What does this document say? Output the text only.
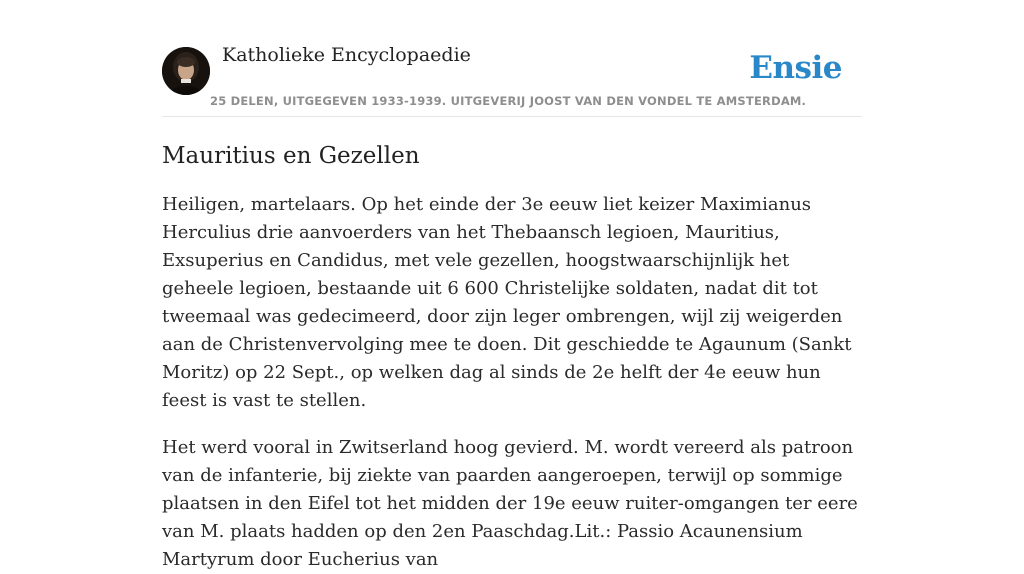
Katholieke Encyclopaedie	Ensie
25 DELEN, UITGEGEVEN 1933-1939. UITGEVERIJ JOOST VAN DEN VONDEL TE AMSTERDAM.
Mauritius en Gezellen

Heiligen, martelaars. Op het einde der 3e eeuw liet keizer Maximianus Herculius drie aanvoerders van het Thebaansch legioen, Mauritius, Exsuperius en Candidus, met vele gezellen, hoogstwaarschijnlijk het geheele legioen, bestaande uit 6 600 Christelijke soldaten, nadat dit tot tweemaal was gedecimeerd, door zijn leger ombrengen, wijl zij weigerden aan de Christenvervolging mee te doen. Dit geschiedde te Agaunum (Sankt Moritz) op 22 Sept., op welken dag al sinds de 2e helft der 4e eeuw hun feest is vast te stellen.

Het werd vooral in Zwitserland hoog gevierd. M. wordt vereerd als patroon van de infanterie, bij ziekte van paarden aangeroepen, terwijl op sommige plaatsen in den Eifel tot het midden der 19e eeuw ruiter-omgangen ter eere van M. plaats hadden op den 2en Paaschdag.Lit.: Passio Acaunensium Martyrum door Eucherius van
